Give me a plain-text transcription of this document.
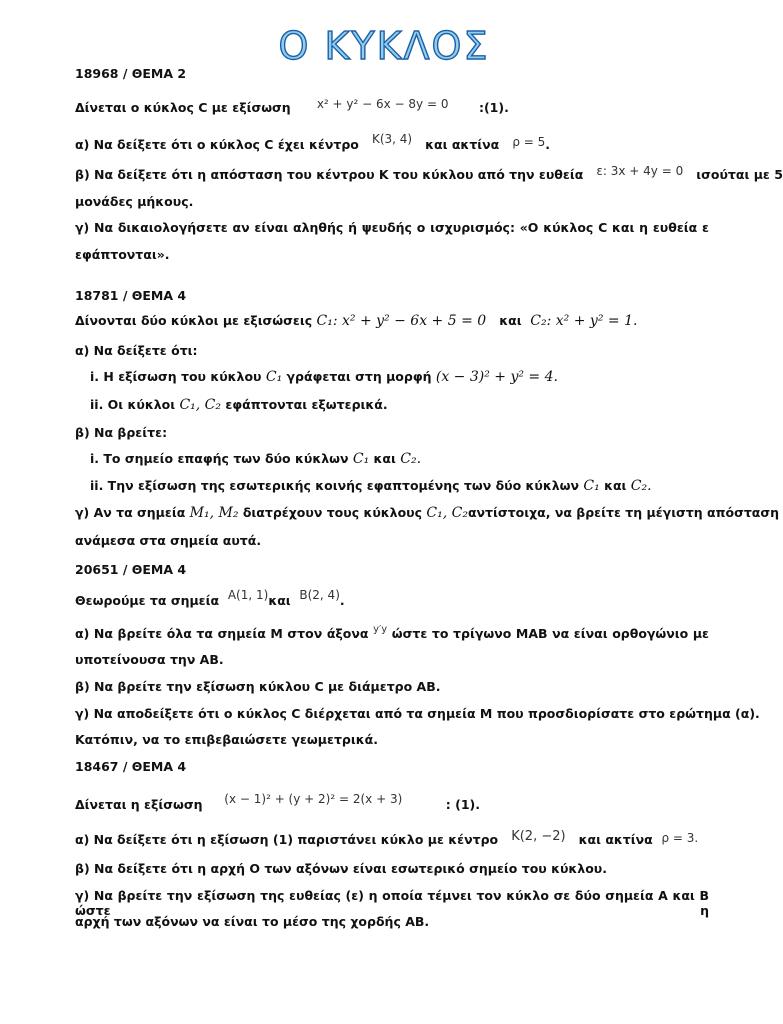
Ο ΚΥΚΛΟΣ
18968 / ΘΕΜΑ 2
Δίνεται ο κύκλος C με εξίσωση x² + y² − 6x − 8y = 0 :(1).
α) Να δείξετε ότι ο κύκλος C έχει κέντρο K(3, 4) και ακτίνα ρ = 5.
β) Να δείξετε ότι η απόσταση του κέντρου Κ του κύκλου από την ευθεία ε: 3x + 4y = 0 ισούται με 5
μονάδες μήκους.
γ) Να δικαιολογήσετε αν είναι αληθής ή ψευδής ο ισχυρισμός: «Ο κύκλος C και η ευθεία ε
εφάπτονται».
18781 / ΘΕΜΑ 4
Δίνονται δύο κύκλοι με εξισώσεις C₁: x² + y² − 6x + 5 = 0 και C₂: x² + y² = 1.
α) Να δείξετε ότι:
i. Η εξίσωση του κύκλου C₁ γράφεται στη μορφή (x − 3)² + y² = 4.
ii. Οι κύκλοι C₁, C₂ εφάπτονται εξωτερικά.
β) Να βρείτε:
i. Το σημείο επαφής των δύο κύκλων C₁ και C₂.
ii. Την εξίσωση της εσωτερικής κοινής εφαπτομένης των δύο κύκλων C₁ και C₂.
γ) Αν τα σημεία M₁, M₂ διατρέχουν τους κύκλους C₁, C₂αντίστοιχα, να βρείτε τη μέγιστη απόσταση
ανάμεσα στα σημεία αυτά.
20651 / ΘΕΜΑ 4
Θεωρούμε τα σημεία A(1, 1)και B(2, 4).
α) Να βρείτε όλα τα σημεία Μ στον άξονα $^{y'y}$ ώστε το τρίγωνο ΜΑΒ να είναι ορθογώνιο με
υποτείνουσα την ΑΒ.
β) Να βρείτε την εξίσωση κύκλου C με διάμετρο ΑΒ.
γ) Να αποδείξετε ότι ο κύκλος C διέρχεται από τα σημεία Μ που προσδιορίσατε στο ερώτημα (α).
Κατόπιν, να το επιβεβαιώσετε γεωμετρικά.
18467 / ΘΕΜΑ 4
Δίνεται η εξίσωση (x − 1)² + (y + 2)² = 2(x + 3)	: (1).
α) Να δείξετε ότι η εξίσωση (1) παριστάνει κύκλο με κέντρο K(2, −2) και ακτίνα ρ = 3.
β) Να δείξετε ότι η αρχή Ο των αξόνων είναι εσωτερικό σημείο του κύκλου.
γ) Να βρείτε την εξίσωση της ευθείας (ε) η οποία τέμνει τον κύκλο σε δύο σημεία Α και Β ώστε η
αρχή των αξόνων να είναι το μέσο της χορδής ΑΒ.
